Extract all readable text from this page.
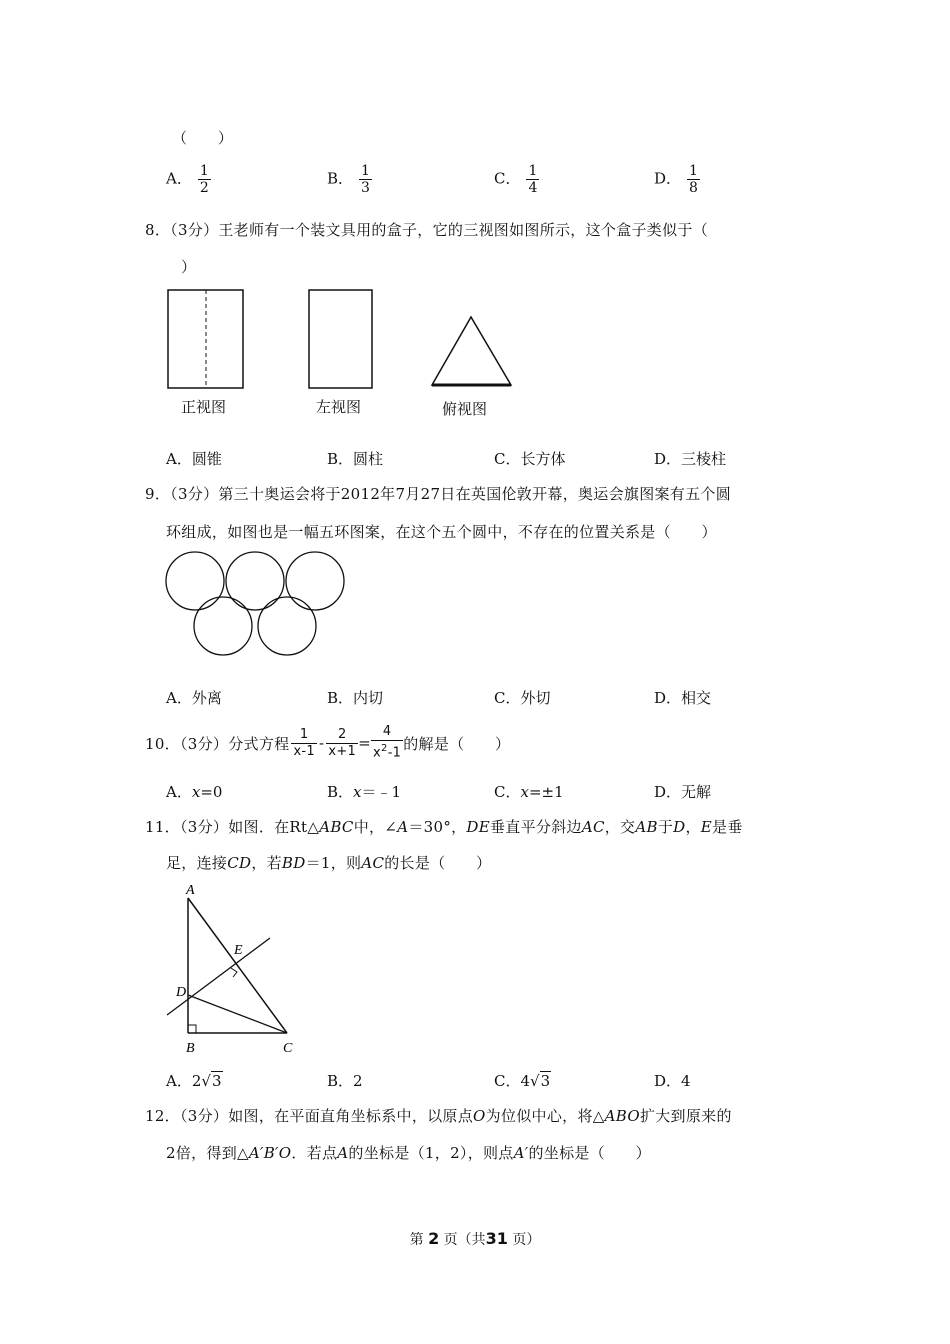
（　　）
A． $\frac{1}{2}$	B． $\frac{1}{3}$	C． $\frac{1}{4}$	D． $\frac{1}{8}$
8．（3分）王老师有一个装文具用的盒子，它的三视图如图所示，这个盒子类似于（
）
正视图	左视图	俯视图
A．圆锥	B．圆柱	C．长方体	D．三棱柱
9．（3分）第三十奥运会将于2012年7月27日在英国伦敦开幕，奥运会旗图案有五个圆
环组成，如图也是一幅五环图案，在这个五个圆中，不存在的位置关系是（　　）
A．外离	B．内切	C．外切	D．相交
10．（3分）分式方程 $\frac{1}{x-1} - \frac{2}{x+1} = \frac{4}{x^2-1}$ 的解是（　　）
A．x=0	B．x＝﹣1	C．x=±1	D．无解
11．（3分）如图．在Rt△ABC中，∠A＝30°，DE垂直平分斜边AC，交AB于D，E是垂
足，连接CD，若BD＝1，则AC的长是（　　）
A
E
D
B	C
A．2√3	B．2	C．4√3	D．4
12．（3分）如图，在平面直角坐标系中，以原点O为位似中心，将△ABO扩大到原来的
2倍，得到△A′B′O．若点A的坐标是（1，2），则点A′的坐标是（　　）
第 2 页（共31 页）
